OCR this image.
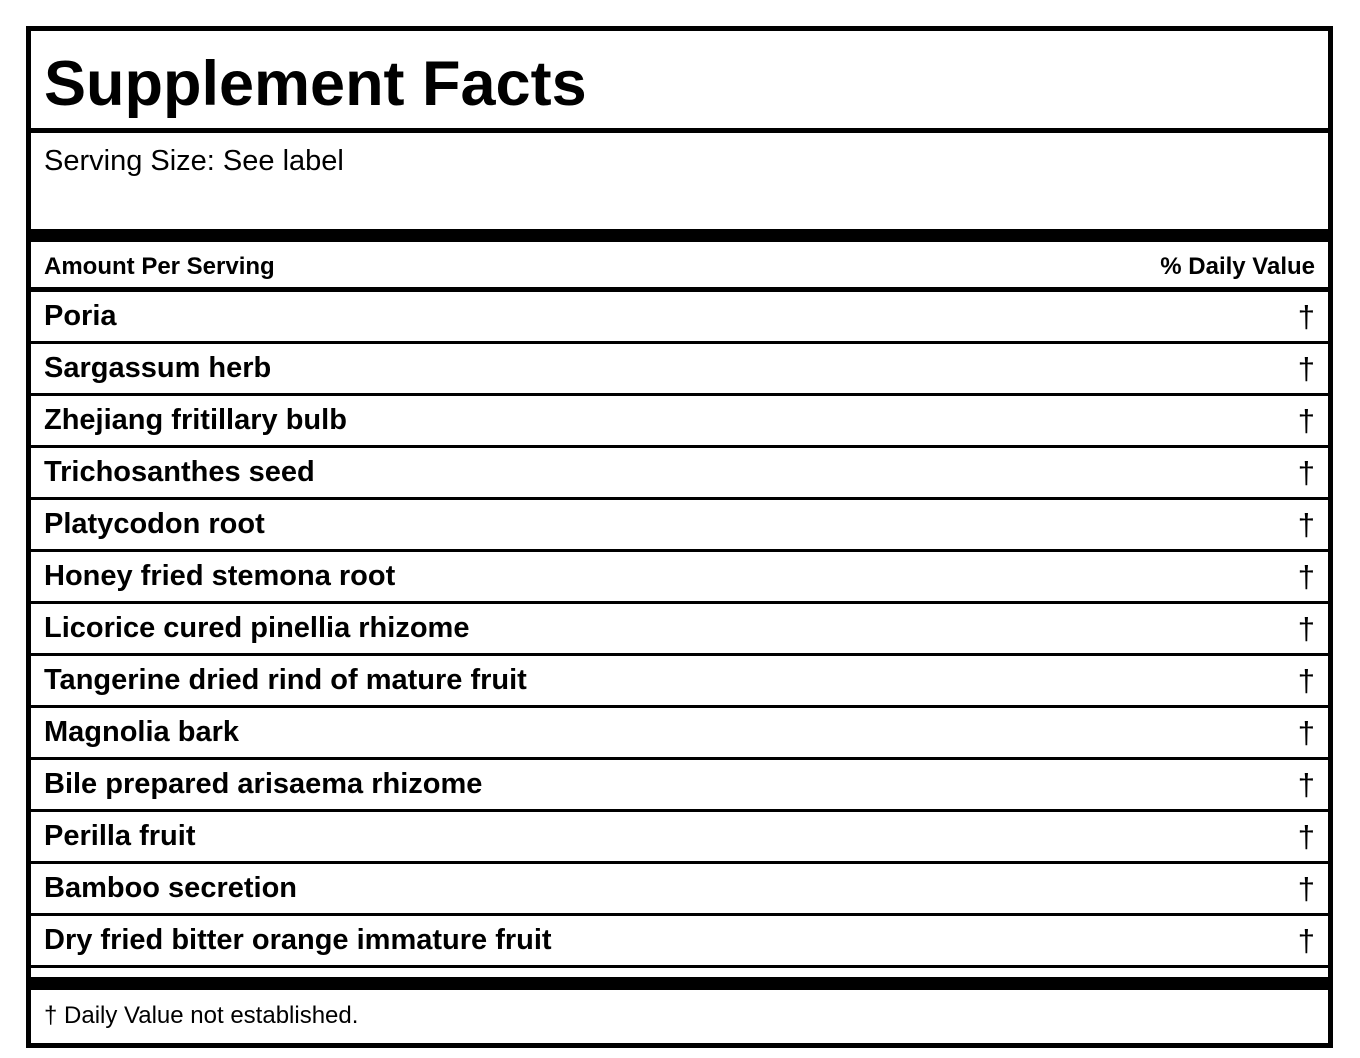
Supplement Facts
Serving Size: See label
Amount Per Serving	% Daily Value
Poria	†
Sargassum herb	†
Zhejiang fritillary bulb	†
Trichosanthes seed	†
Platycodon root	†
Honey fried stemona root	†
Licorice cured pinellia rhizome	†
Tangerine dried rind of mature fruit	†
Magnolia bark	†
Bile prepared arisaema rhizome	†
Perilla fruit	†
Bamboo secretion	†
Dry fried bitter orange immature fruit	†
† Daily Value not established.
